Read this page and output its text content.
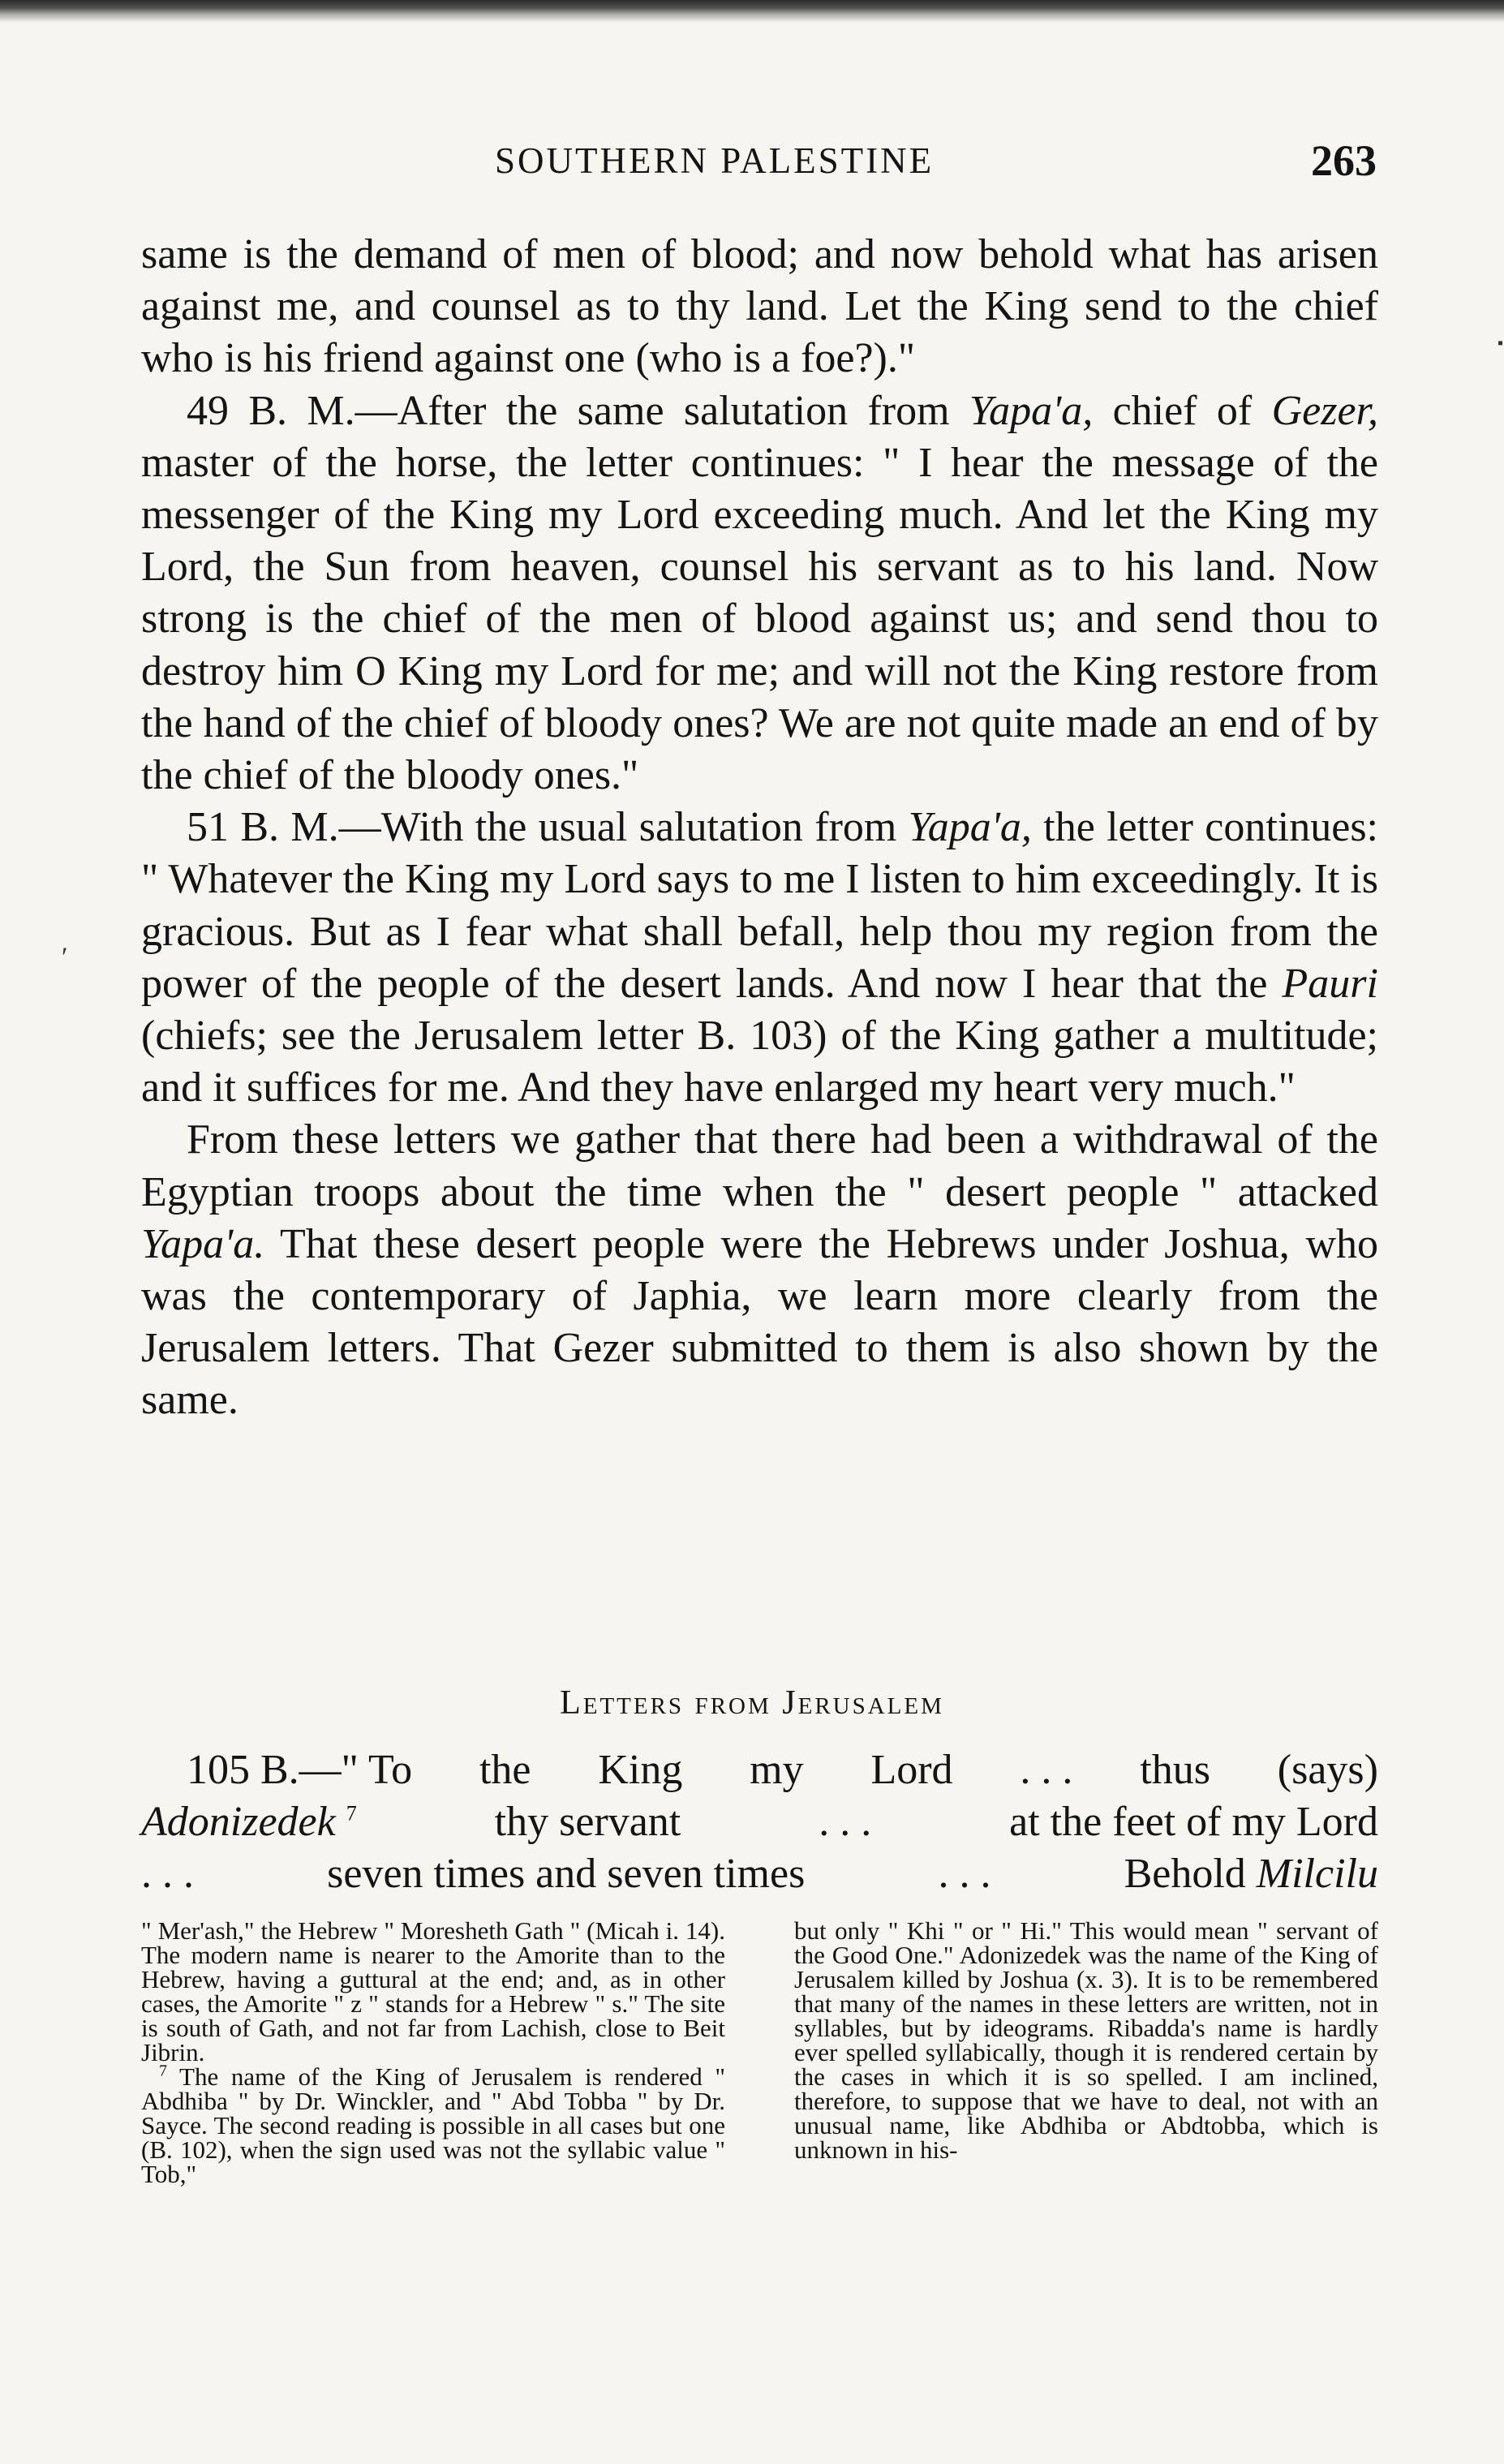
SOUTHERN PALESTINE	263
▪
ʹ

same is the demand of men of blood; and now behold what has arisen against me, and counsel as to thy land. Let the King send to the chief who is his friend against one (who is a foe?)."

49 B. M.—After the same salutation from Yapa'a, chief of Gezer, master of the horse, the letter continues: " I hear the message of the messenger of the King my Lord exceeding much. And let the King my Lord, the Sun from heaven, counsel his servant as to his land. Now strong is the chief of the men of blood against us; and send thou to destroy him O King my Lord for me; and will not the King restore from the hand of the chief of bloody ones? We are not quite made an end of by the chief of the bloody ones."

51 B. M.—With the usual salutation from Yapa'a, the letter continues: " Whatever the King my Lord says to me I listen to him exceedingly. It is gracious. But as I fear what shall befall, help thou my region from the power of the people of the desert lands. And now I hear that the Pauri (chiefs; see the Jerusalem letter B. 103) of the King gather a multitude; and it suffices for me. And they have enlarged my heart very much."

From these letters we gather that there had been a withdrawal of the Egyptian troops about the time when the " desert people " attacked Yapa'a. That these desert people were the Hebrews under Joshua, who was the contemporary of Japhia, we learn more clearly from the Jerusalem letters. That Gezer submitted to them is also shown by the same.

Letters from Jerusalem
105 B.—" To the King my Lord . . . thus (says)
Adonizedek $^7$	thy servant	. . .	at the feet of my Lord
. . .	seven times and seven times	. . .	Behold Milcilu

" Mer'ash," the Hebrew " Moresheth Gath " (Micah i. 14). The modern name is nearer to the Amorite than to the Hebrew, having a guttural at the end; and, as in other cases, the Amorite " z " stands for a Hebrew " s." The site is south of Gath, and not far from Lachish, close to Beit Jibrin.

$^7$ The name of the King of Jerusalem is rendered " Abdhiba " by Dr. Winckler, and " Abd Tobba " by Dr. Sayce. The second reading is possible in all cases but one (B. 102), when the sign used was not the syllabic value " Tob,"

but only " Khi " or " Hi." This would mean " servant of the Good One." Adonizedek was the name of the King of Jerusalem killed by Joshua (x. 3). It is to be remembered that many of the names in these letters are written, not in syllables, but by ideograms. Ribadda's name is hardly ever spelled syllabically, though it is rendered certain by the cases in which it is so spelled. I am inclined, therefore, to suppose that we have to deal, not with an unusual name, like Abdhiba or Abdtobba, which is unknown in his-
